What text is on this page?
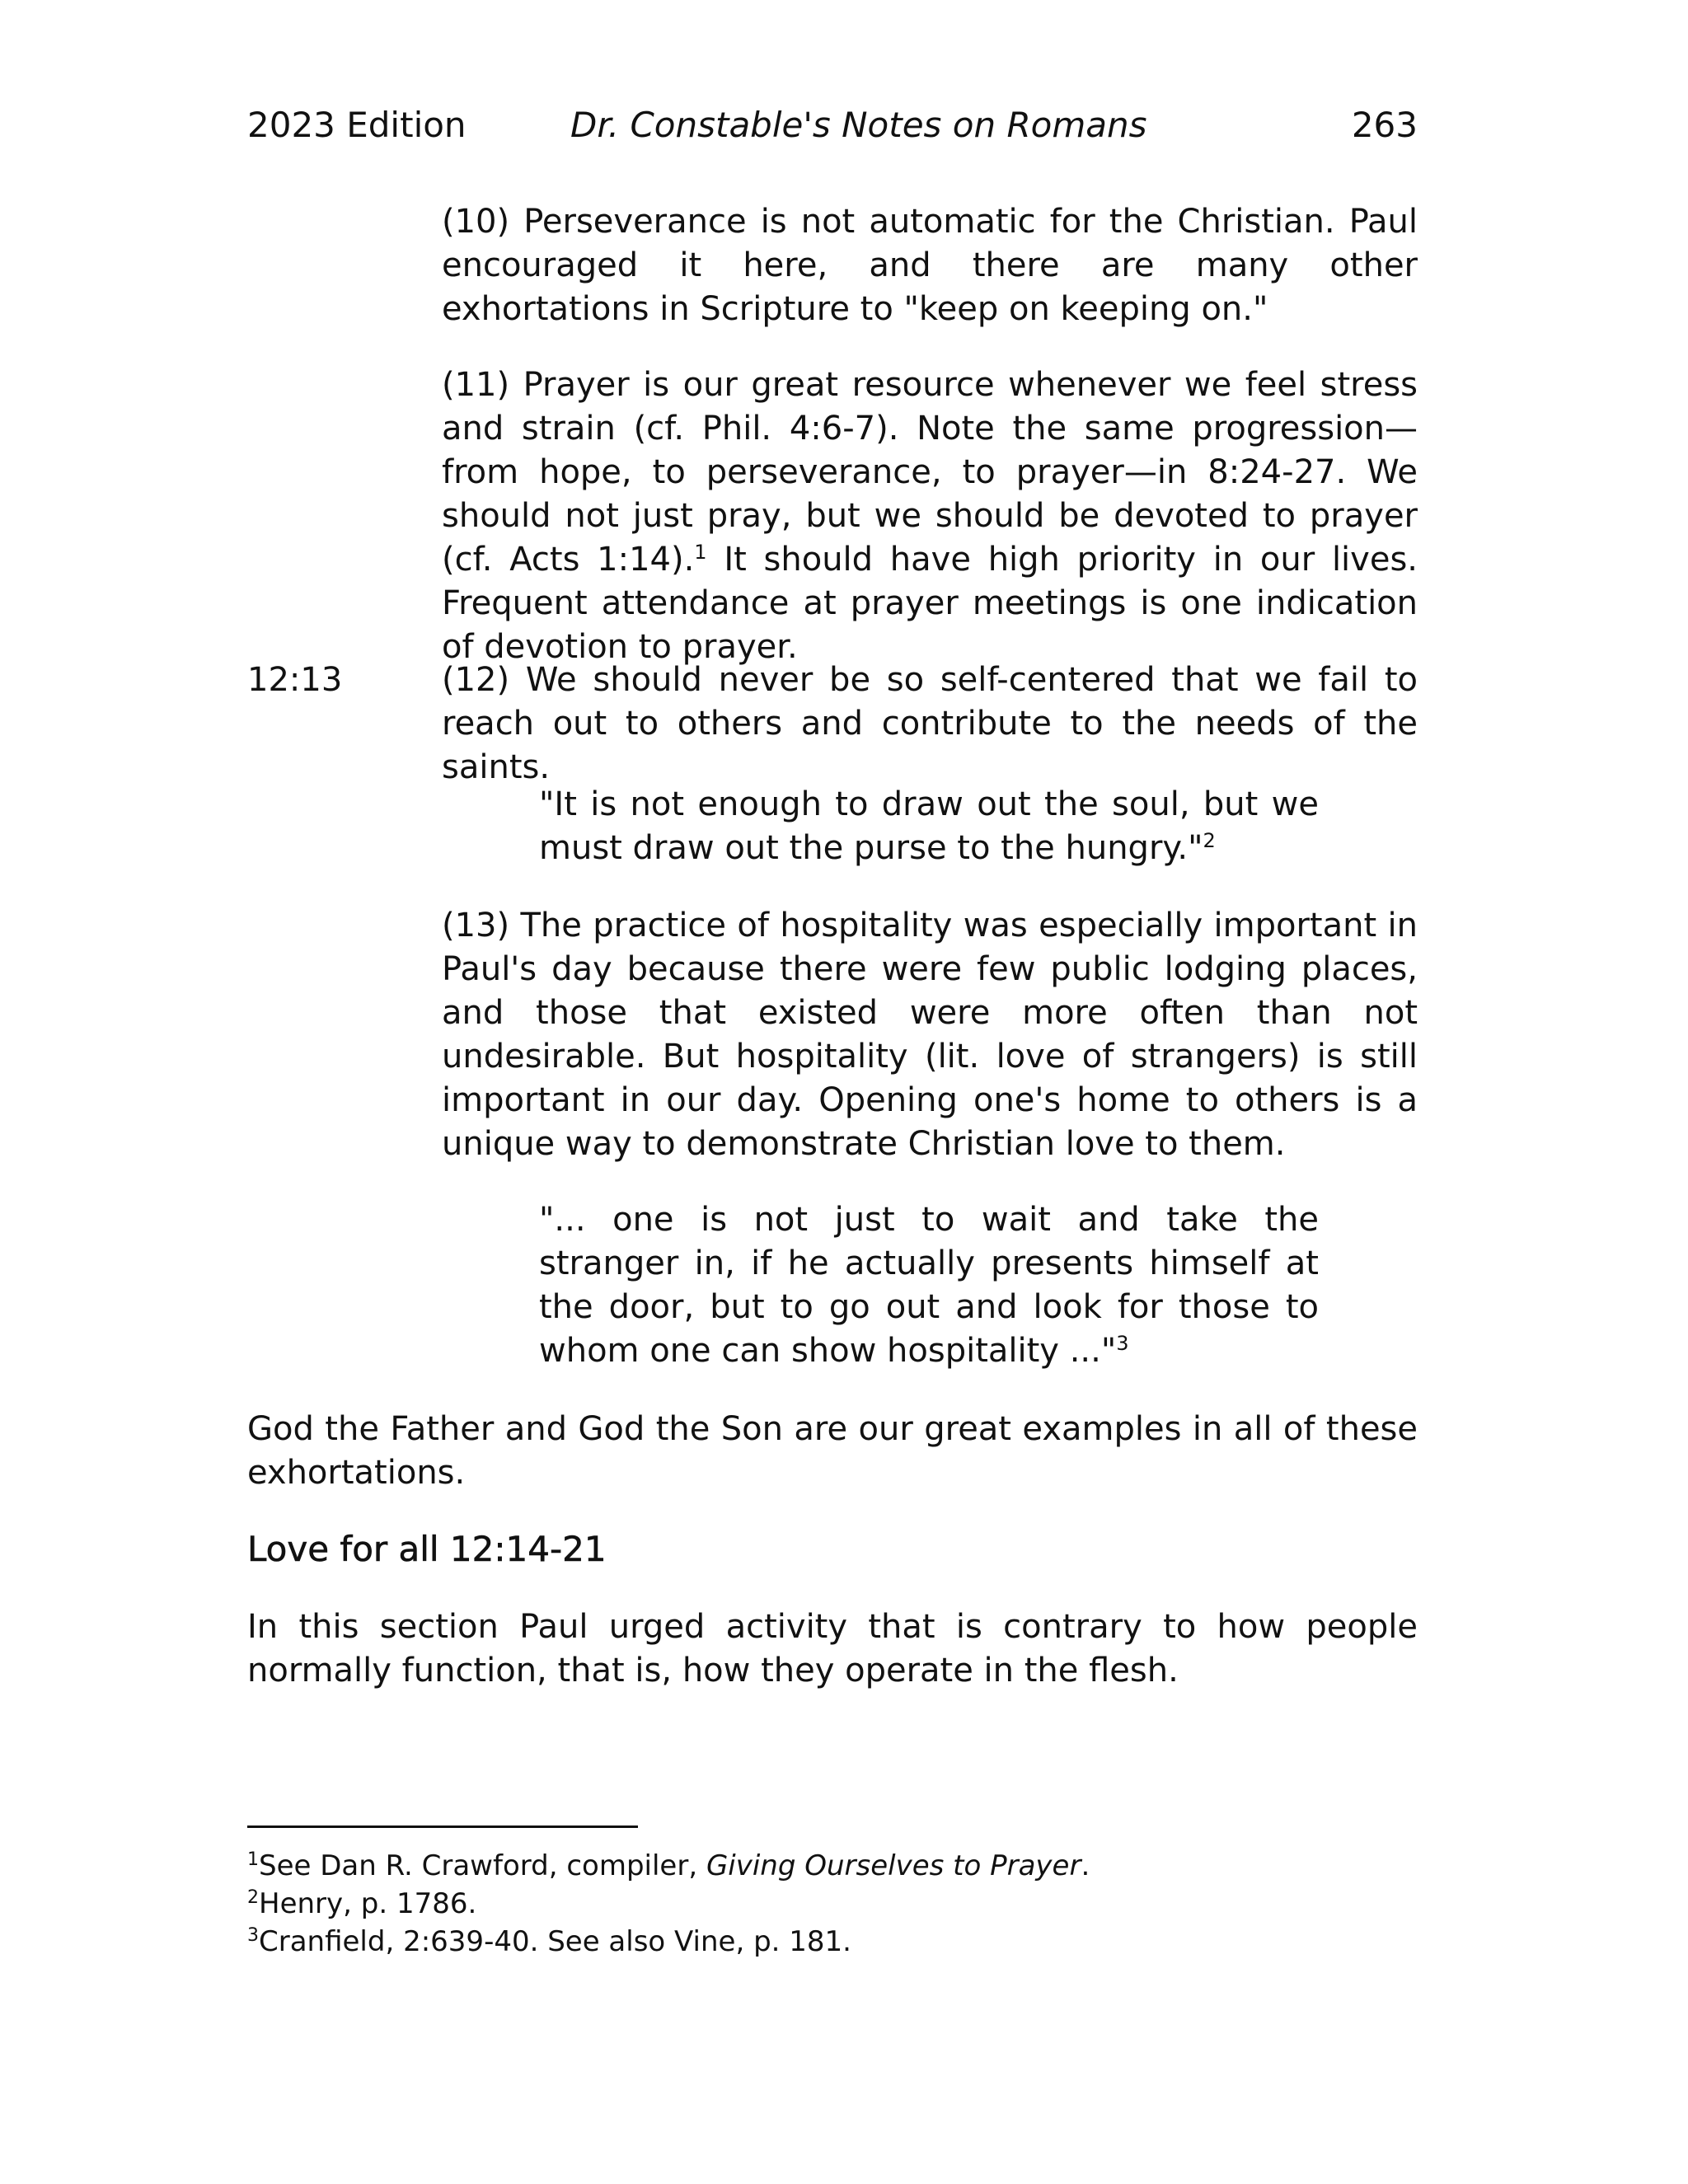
2023 Edition	Dr. Constable's Notes on Romans	263

(10) Perseverance is not automatic for the Christian. Paul encouraged it here, and there are many other exhortations in Scripture to "keep on keeping on."

(11) Prayer is our great resource whenever we feel stress and strain (cf. Phil. 4:6-7). Note the same progression—from hope, to perseverance, to prayer—in 8:24-27. We should not just pray, but we should be devoted to prayer (cf. Acts 1:14).$^1$ It should have high priority in our lives. Frequent attendance at prayer meetings is one indication of devotion to prayer.

12:13	(12) We should never be so self-centered that we fail to reach out to others and contribute to the needs of the saints.

"It is not enough to draw out the soul, but we must draw out the purse to the hungry."$^2$

(13) The practice of hospitality was especially important in Paul's day because there were few public lodging places, and those that existed were more often than not undesirable. But hospitality (lit. love of strangers) is still important in our day. Opening one's home to others is a unique way to demonstrate Christian love to them.

"... one is not just to wait and take the stranger in, if he actually presents himself at the door, but to go out and look for those to whom one can show hospitality ..."$^3$

God the Father and God the Son are our great examples in all of these exhortations.

Love for all 12:14-21

In this section Paul urged activity that is contrary to how people normally function, that is, how they operate in the flesh.

$^1$See Dan R. Crawford, compiler, Giving Ourselves to Prayer.
$^2$Henry, p. 1786.
$^3$Cranfield, 2:639-40. See also Vine, p. 181.
